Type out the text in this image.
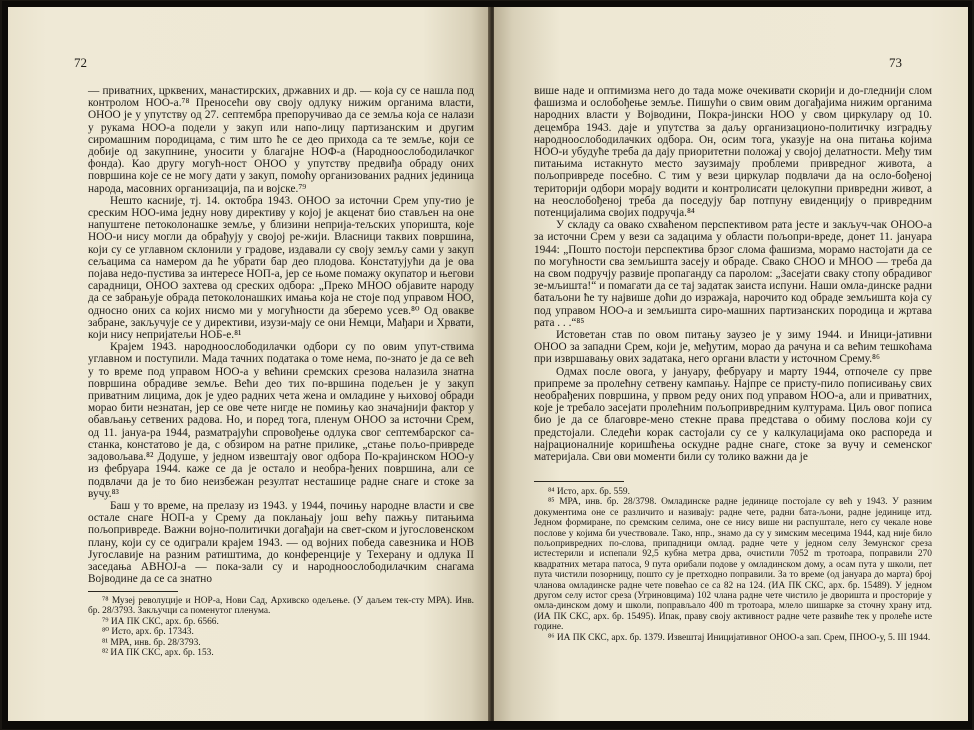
72

— приватних, црквених, манастирских, државних и др. — која су се нашла под контролом НОО-а.⁷⁸ Преносећи ову своју одлуку нижим органима власти, ОНОО је у упутству од 27. септембра препоручивао да се земља која се налази у рукама НОО-а подели у закуп или напо-лицу партизанским и другим сиромашним породицама, с тим што ће се део прихода са те земље, који се добије од закупнине, уносити у благајне НОФ-а (Народноослободилачког фонда). Као другу могућ-ност ОНОО у упутству предвиђа обраду оних површина које се не могу дати у закуп, помоћу организованих радних јединица народа, масовних организација, па и војске.⁷⁹

Нешто касније, тј. 14. октобра 1943. ОНОО за источни Срем упу-тио је среским НОО-има једну нову директиву у којој је акценат био стављен на оне напуштене петоколонашке земље, у близини неприја-тељских упоришта, које НОО-и нису могли да обрађују у својој ре-жији. Власници таквих површина, који су се углавном склонили у градове, издавали су своју земљу сами у закуп сељацима са намером да ће убрати бар део плодова. Констатујући да је ова појава недо-пустива за интересе НОП-а, јер се њоме помажу окупатор и његови сарадници, ОНОО захтева од среских одбора: „Преко МНОО објавите народу да се забрањује обрада петоколонашких имања која не стоје под управом НОО, односно оних са којих нисмо ми у могућности да зберемо усев.⁸⁰ Од овакве забране, закључује се у директиви, изузи-мају се они Немци, Мађари и Хрвати, који нису непријатељи НОБ-е.⁸¹

Крајем 1943. народноослободилачки одбори су по овим упут-ствима углавном и поступили. Мада тачних података о томе нема, по-знато је да се већ у то време под управом НОО-а у већини сремских срезова налазила знатна површина обрадиве земље. Већи део тих по-вршина подељен је у закуп приватним лицима, док је удео радних чета жена и омладине у њиховој обради морао бити незнатан, јер се ове чете нигде не помињу као значајнији фактор у обављању сетвених радова. Но, и поред тога, пленум ОНОО за источни Срем, од 11. јануа-ра 1944, разматрајући спровођење одлука свог септембарског са-станка, констатово је да, с обзиром на ратне прилике, „стање пољо-привреде задовољава.⁸² Додуше, у једном извештају овог одбора По-крајинском НОО-у из фебруара 1944. каже се да је остало и необра-ђених површина, али се подвлачи да је то био неизбежан резултат несташице радне снаге и стоке за вучу.⁸³

Баш у то време, на прелазу из 1943. у 1944, почињу народне власти и све остале снаге НОП-а у Срему да поклањају још већу пажњу питањима пољопривреде. Важни војно-политички догађаји на свет-ском и југословенском плану, који су се одиграли крајем 1943. — од војних победа савезника и НОВ Југославије на разним ратиштима, до конференције у Техерану и одлука II заседања АВНОЈ-а — пока-зали су и народноослободилачким снагама Војводине да се са знатно

⁷⁸ Музеј револуције и НОР-а, Нови Сад, Архивско одељење. (У даљем тек-сту МРА). Инв. бр. 28/3793. Закључци са поменутог пленума.

⁷⁹ ИА ПК СКС, арх. бр. 6566.

⁸⁰ Исто, арх. бр. 17343.

⁸¹ МРА, инв. бр. 28/3793.

⁸² ИА ПК СКС, арх. бр. 153.

73

више наде и оптимизма него до тада може очекивати скорији и до-гледнији слом фашизма и ослобођење земље. Пишући о свим овим догађајима нижим органима народних власти у Војводини, Покра-јински НОО у свом циркулару од 10. децембра 1943. даје и упутства за даљу организационо-политичку изградњу народноослободилачких одбора. Он, осим тога, указује на она питања којима НОО-и убудуће треба да дају приоритетни положај у својој делатности. Међу тим питањима истакнуто место заузимају проблеми привредног живота, а пољопривреде посебно. С тим у вези циркулар подвлачи да на осло-бођеној територији одбори морају водити и контролисати целокупни привредни живот, а на неослобођеној треба да поседују бар потпуну евиденцију о привредним потенцијалима својих подручја.⁸⁴

У складу са овако схваћеном перспективом рата јесте и закључ-чак ОНОО-а за источни Срем у вези са задацима у области пољопри-вреде, донет 11. јануара 1944: „Пошто постоји перспектива брзог слома фашизма, морамо настојати да се по могућности сва земљишта засеју и обраде. Свако СНОО и МНОО — треба да на свом подручју развије пропаганду са паролом: „Засејати сваку стопу обрадивог зе-мљишта!“ и помагати да се тај задатак заиста испуни. Наши омла-динске радни батаљони ће ту највише доћи до изражаја, нарочито код обраде земљишта која су под управом НОО-а и земљишта сиро-машних партизанских породица и жртава рата . . .“⁸⁵

Истоветан став по овом питању заузео је у зиму 1944. и Иници-јативни ОНОО за западни Срем, који је, међутим, морао да рачуна и са већим тешкоћама при извршавању ових задатака, него органи власти у источном Срему.⁸⁶

Одмах после овога, у јануару, фебруару и марту 1944, отпочеле су прве припреме за пролећну сетвену кампању. Најпре се присту-пило пописивању свих необрађених површина, у првом реду оних под управом НОО-а, али и приватних, које је требало засејати пролећним пољопривредним културама. Циљ овог пописа био је да се благовре-мено стекне права представа о обиму послова који су предстојали. Следећи корак састојали су се у калкулацијама око распореда и најрационалније коришћења оскудне радне снаге, стоке за вучу и семенског материјала. Сви ови моменти били су толико важни да је

⁸⁴ Исто, арх. бр. 559.

⁸⁵ МРА, инв. бр. 28/3798. Омладинске радне јединице постојале су већ у 1943. У разним документима оне се различито и називају: радне чете, радни бата-љони, радне јединице итд. Једном формиране, по сремским селима, оне се нису више ни распуштале, него су чекале нове послове у којима би учествовале. Тако, нпр., знамо да су у зимским месецима 1944, кад није било пољопривредних по-слова, припадници омлад. радне чете у једном селу Земунског среза истестерили и испепали 92,5 кубна метра дрва, очистили 7052 m тротоара, поправили 270 квадратних метара патоса, 9 пута орибали подове у омладинском дому, а осам пута у школи, пет пута чистили позорницу, пошто су је претходно поправили. За то време (од јануара до марта) број чланова омладинске радне чете повећао се са 82 на 124. (ИА ПК СКС, арх. бр. 15489). У једном другом селу истог среза (Угриновцима) 102 члана радне чете чистило је дворишта и просторије у омла-динском дому и школи, поправљало 400 m тротоара, млело шишарке за сточну храну итд. (ИА ПК СКС, арх. бр. 15495). Ипак, праву своју активност радне чете развиће тек у пролеће исте године.

⁸⁶ ИА ПК СКС, арх. бр. 1379. Извештај Иницијативног ОНОО-а зап. Срем, ПНОО-у, 5. III 1944.
